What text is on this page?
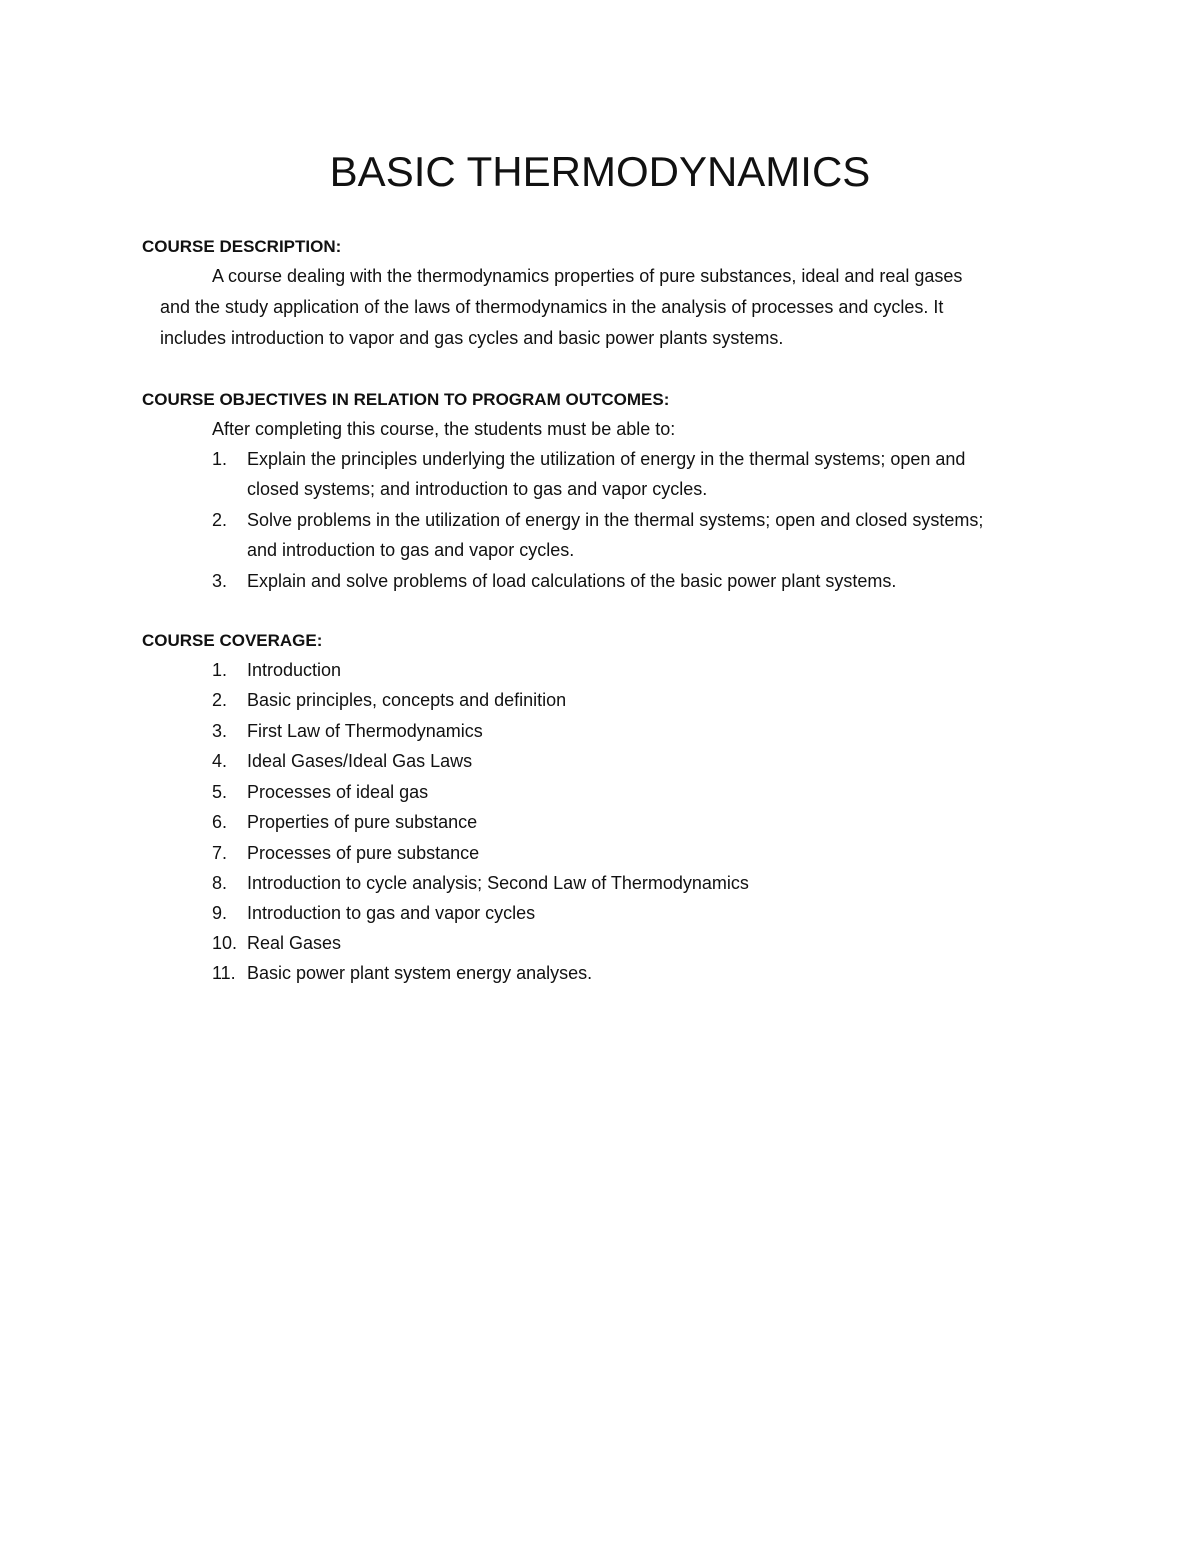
BASIC THERMODYNAMICS
COURSE DESCRIPTION:
A course dealing with the thermodynamics properties of pure substances, ideal and real gases
and the study application of the laws of thermodynamics in the analysis of processes and cycles. It
includes introduction to vapor and gas cycles and basic power plants systems.
COURSE OBJECTIVES IN RELATION TO PROGRAM OUTCOMES:
After completing this course, the students must be able to:
1. Explain the principles underlying the utilization of energy in the thermal systems; open and
closed systems; and introduction to gas and vapor cycles.
2. Solve problems in the utilization of energy in the thermal systems; open and closed systems;
and introduction to gas and vapor cycles.
3. Explain and solve problems of load calculations of the basic power plant systems.
COURSE COVERAGE:
1. Introduction
2. Basic principles, concepts and definition
3. First Law of Thermodynamics
4. Ideal Gases/Ideal Gas Laws
5. Processes of ideal gas
6. Properties of pure substance
7. Processes of pure substance
8. Introduction to cycle analysis; Second Law of Thermodynamics
9. Introduction to gas and vapor cycles
10. Real Gases
11. Basic power plant system energy analyses.
